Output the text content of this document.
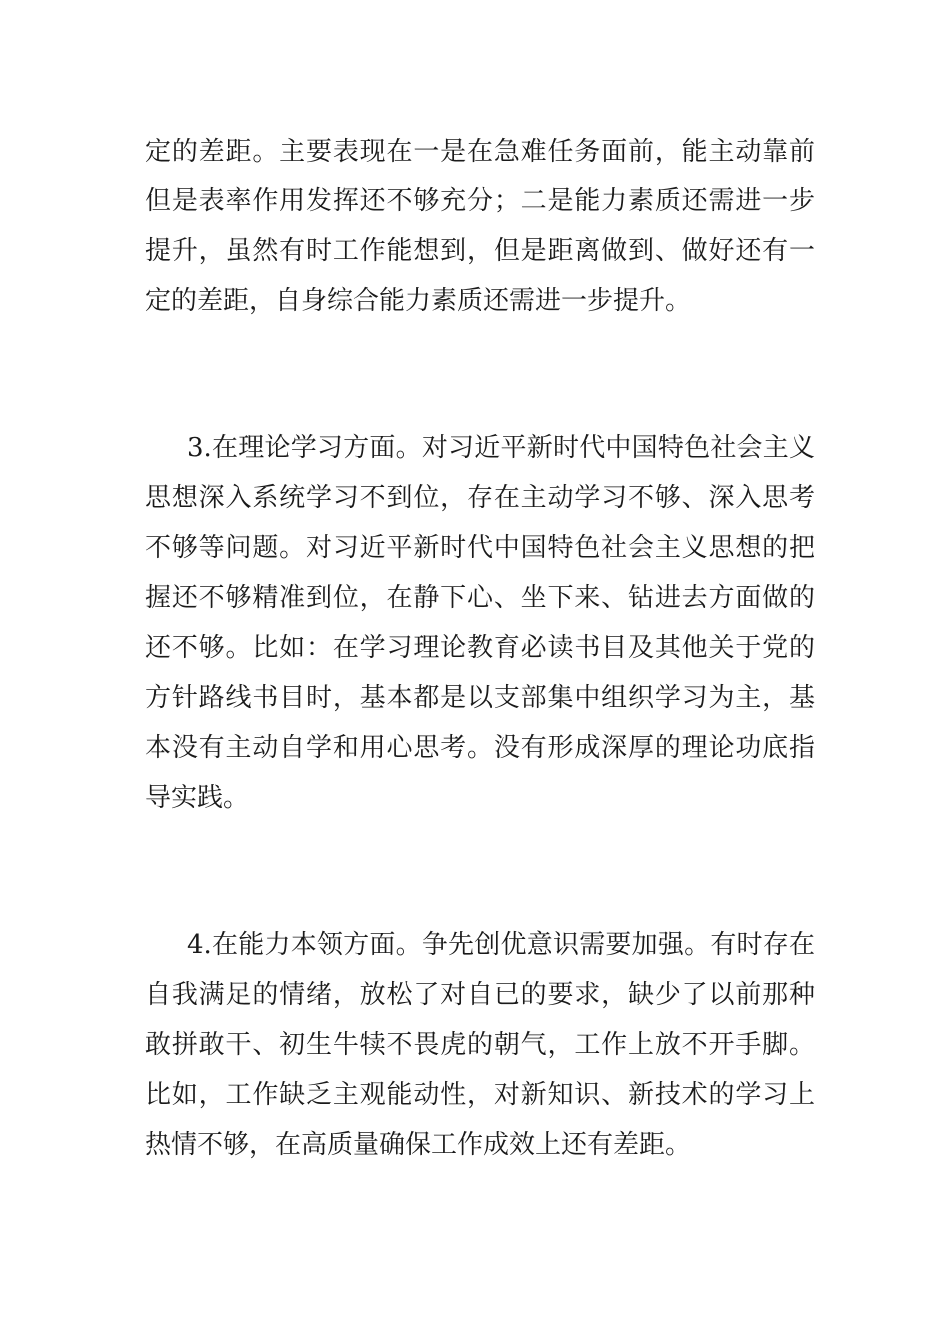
定的差距。主要表现在一是在急难任务面前，能主动靠前
但是表率作用发挥还不够充分；二是能力素质还需进一步
提升，虽然有时工作能想到，但是距离做到、做好还有一
定的差距，自身综合能力素质还需进一步提升。
3.在理论学习方面。对习近平新时代中国特色社会主义
思想深入系统学习不到位，存在主动学习不够、深入思考
不够等问题。对习近平新时代中国特色社会主义思想的把
握还不够精准到位，在静下心、坐下来、钻进去方面做的
还不够。比如：在学习理论教育必读书目及其他关于党的
方针路线书目时，基本都是以支部集中组织学习为主，基
本没有主动自学和用心思考。没有形成深厚的理论功底指
导实践。
4.在能力本领方面。争先创优意识需要加强。有时存在
自我满足的情绪，放松了对自已的要求，缺少了以前那种
敢拼敢干、初生牛犊不畏虎的朝气，工作上放不开手脚。
比如，工作缺乏主观能动性，对新知识、新技术的学习上
热情不够，在高质量确保工作成效上还有差距。
